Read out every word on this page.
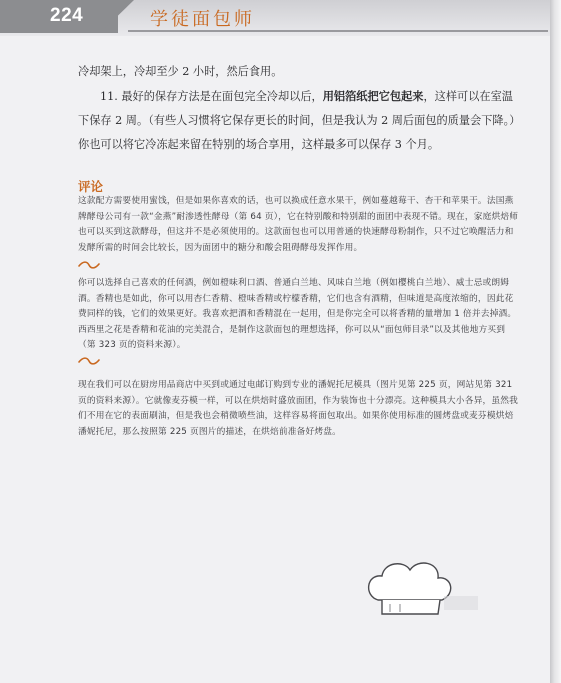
224	学徒面包师
冷却架上，冷却至少 2 小时，然后食用。
11. 最好的保存方法是在面包完全冷却以后，用铝箔纸把它包起来，这样可以在室温下保存 2 周。（有些人习惯将它保存更长的时间，但是我认为 2 周后面包的质量会下降。）你也可以将它冷冻起来留在特别的场合享用，这样最多可以保存 3 个月。
评论
这款配方需要使用蜜饯，但是如果你喜欢的话，也可以换成任意水果干，例如蔓越莓干、杏干和苹果干。法国燕牌酵母公司有一款“金燕”耐渗透性酵母（第 64 页），它在特别酸和特别甜的面团中表现不错。现在，家庭烘焙师也可以买到这款酵母，但这并不是必须使用的。这款面包也可以用普通的快速酵母粉制作，只不过它唤醒活力和发酵所需的时间会比较长，因为面团中的糖分和酸会阻碍酵母发挥作用。
你可以选择自己喜欢的任何酒，例如橙味利口酒、普通白兰地、风味白兰地（例如樱桃白兰地）、威士忌或朗姆酒。香精也是如此，你可以用杏仁香精、橙味香精或柠檬香精，它们也含有酒精，但味道是高度浓缩的，因此花费同样的钱，它们的效果更好。我喜欢把酒和香精混在一起用，但是你完全可以将香精的量增加 1 倍并去掉酒。西西里之花是香精和花油的完美混合，是制作这款面包的理想选择，你可以从“面包师目录”以及其他地方买到（第 323 页的资料来源）。
现在我们可以在厨房用品商店中买到或通过电邮订购到专业的潘妮托尼模具（图片见第 225 页，网站见第 321 页的资料来源）。它就像麦芬模一样，可以在烘焙时盛放面团，作为装饰也十分漂亮。这种模具大小各异，虽然我们不用在它的表面刷油，但是我也会稍微喷些油，这样容易将面包取出。如果你使用标准的圆烤盘或麦芬模烘焙潘妮托尼，那么按照第 225 页图片的描述，在烘焙前准备好烤盘。
